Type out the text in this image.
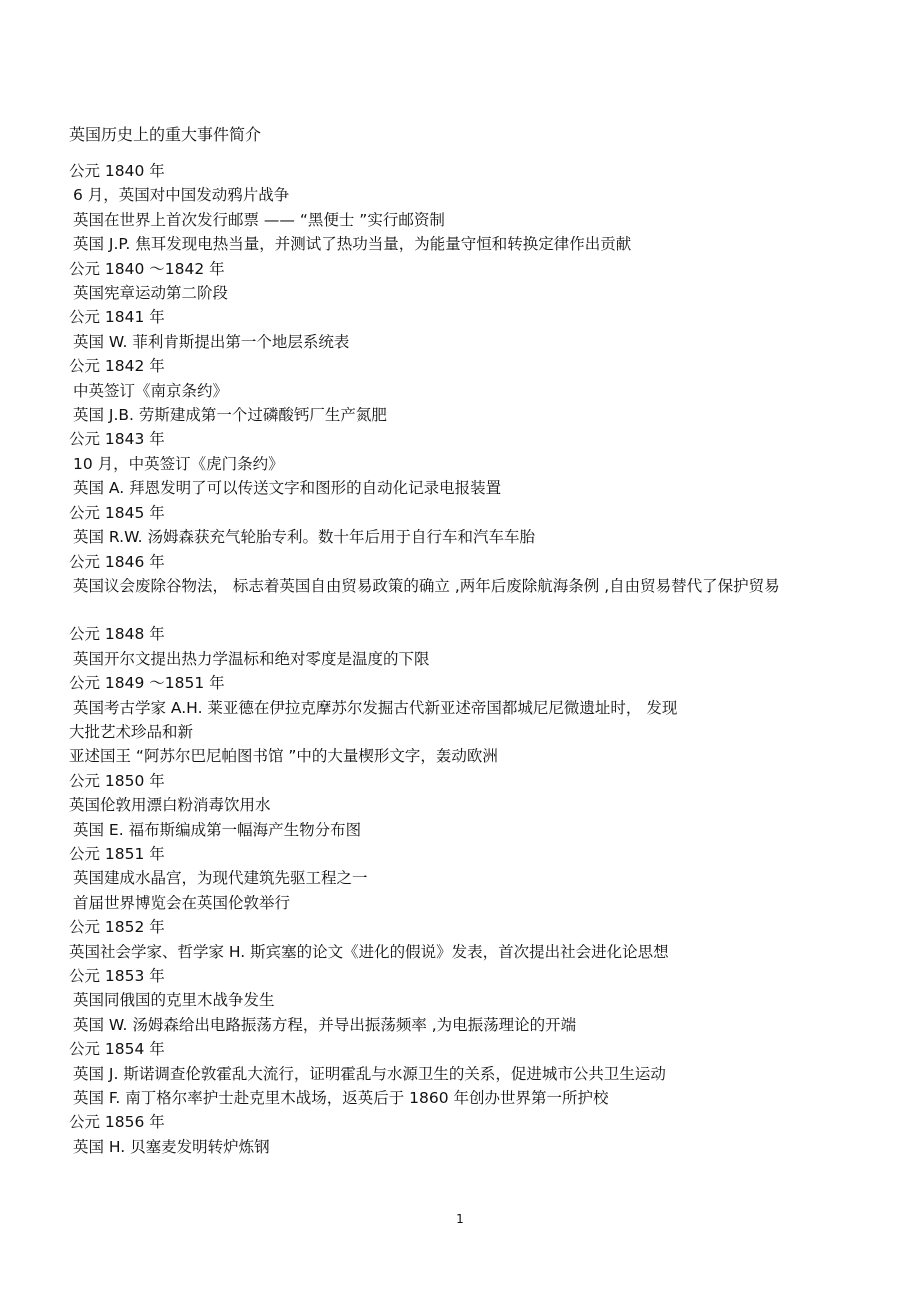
英国历史上的重大事件简介
公元 1840 年
6 月，英国对中国发动鸦片战争
英国在世界上首次发行邮票 —— “黑便士 ”实行邮资制
英国 J.P. 焦耳发现电热当量，并测试了热功当量，为能量守恒和转换定律作出贡献
公元 1840 ～1842 年
英国宪章运动第二阶段
公元 1841 年
英国 W. 菲利肯斯提出第一个地层系统表
公元 1842 年
中英签订《南京条约》
英国 J.B. 劳斯建成第一个过磷酸钙厂生产氮肥
公元 1843 年
10 月，中英签订《虎门条约》
英国 A. 拜恩发明了可以传送文字和图形的自动化记录电报装置
公元 1845 年
英国 R.W. 汤姆森获充气轮胎专利。数十年后用于自行车和汽车车胎
公元 1846 年
英国议会废除谷物法， 标志着英国自由贸易政策的确立 ,两年后废除航海条例 ,自由贸易替代了保护贸易
公元 1848 年
英国开尔文提出热力学温标和绝对零度是温度的下限
公元 1849 ～1851 年
英国考古学家 A.H. 莱亚德在伊拉克摩苏尔发掘古代新亚述帝国都城尼尼微遗址时， 发现
大批艺术珍品和新
亚述国王 “阿苏尔巴尼帕图书馆 ”中的大量楔形文字，轰动欧洲
公元 1850 年
英国伦敦用漂白粉消毒饮用水
英国 E. 福布斯编成第一幅海产生物分布图
公元 1851 年
英国建成水晶宫，为现代建筑先驱工程之一
首届世界博览会在英国伦敦举行
公元 1852 年
英国社会学家、哲学家 H. 斯宾塞的论文《进化的假说》发表，首次提出社会进化论思想
公元 1853 年
英国同俄国的克里木战争发生
英国 W. 汤姆森给出电路振荡方程，并导出振荡频率 ,为电振荡理论的开端
公元 1854 年
英国 J. 斯诺调查伦敦霍乱大流行，证明霍乱与水源卫生的关系，促进城市公共卫生运动
英国 F. 南丁格尔率护士赴克里木战场，返英后于 1860 年创办世界第一所护校
公元 1856 年
英国 H. 贝塞麦发明转炉炼钢
1
